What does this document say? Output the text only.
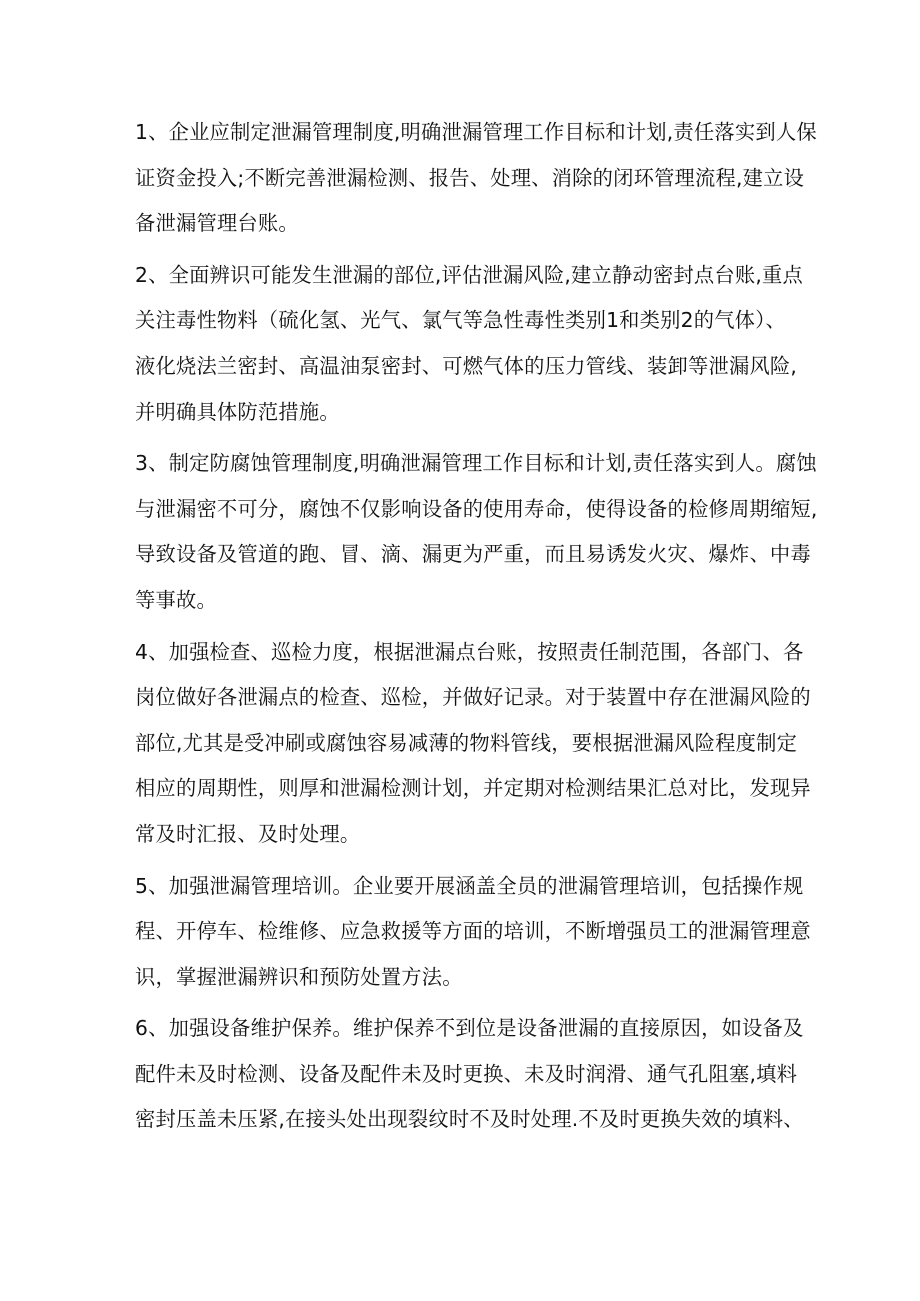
1、企业应制定泄漏管理制度,明确泄漏管理工作目标和计划,责任落实到人保
证资金投入;不断完善泄漏检测、报告、处理、消除的闭环管理流程,建立设
备泄漏管理台账。

2、全面辨识可能发生泄漏的部位,评估泄漏风险,建立静动密封点台账,重点
关注毒性物料（硫化氢、光气、氯气等急性毒性类别1和类别2的气体）、
液化烧法兰密封、高温油泵密封、可燃气体的压力管线、装卸等泄漏风险,
并明确具体防范措施。

3、制定防腐蚀管理制度,明确泄漏管理工作目标和计划,责任落实到人。腐蚀
与泄漏密不可分，腐蚀不仅影响设备的使用寿命，使得设备的检修周期缩短,
导致设备及管道的跑、冒、滴、漏更为严重，而且易诱发火灾、爆炸、中毒
等事故。

4、加强检查、巡检力度，根据泄漏点台账，按照责任制范围，各部门、各
岗位做好各泄漏点的检查、巡检，并做好记录。对于装置中存在泄漏风险的
部位,尤其是受冲刷或腐蚀容易减薄的物料管线，要根据泄漏风险程度制定
相应的周期性，则厚和泄漏检测计划，并定期对检测结果汇总对比，发现异
常及时汇报、及时处理。

5、加强泄漏管理培训。企业要开展涵盖全员的泄漏管理培训，包括操作规
程、开停车、检维修、应急救援等方面的培训，不断增强员工的泄漏管理意
识，掌握泄漏辨识和预防处置方法。

6、加强设备维护保养。维护保养不到位是设备泄漏的直接原因，如设备及
配件未及时检测、设备及配件未及时更换、未及时润滑、通气孔阻塞,填料
密封压盖未压紧,在接头处出现裂纹时不及时处理.不及时更换失效的填料、
